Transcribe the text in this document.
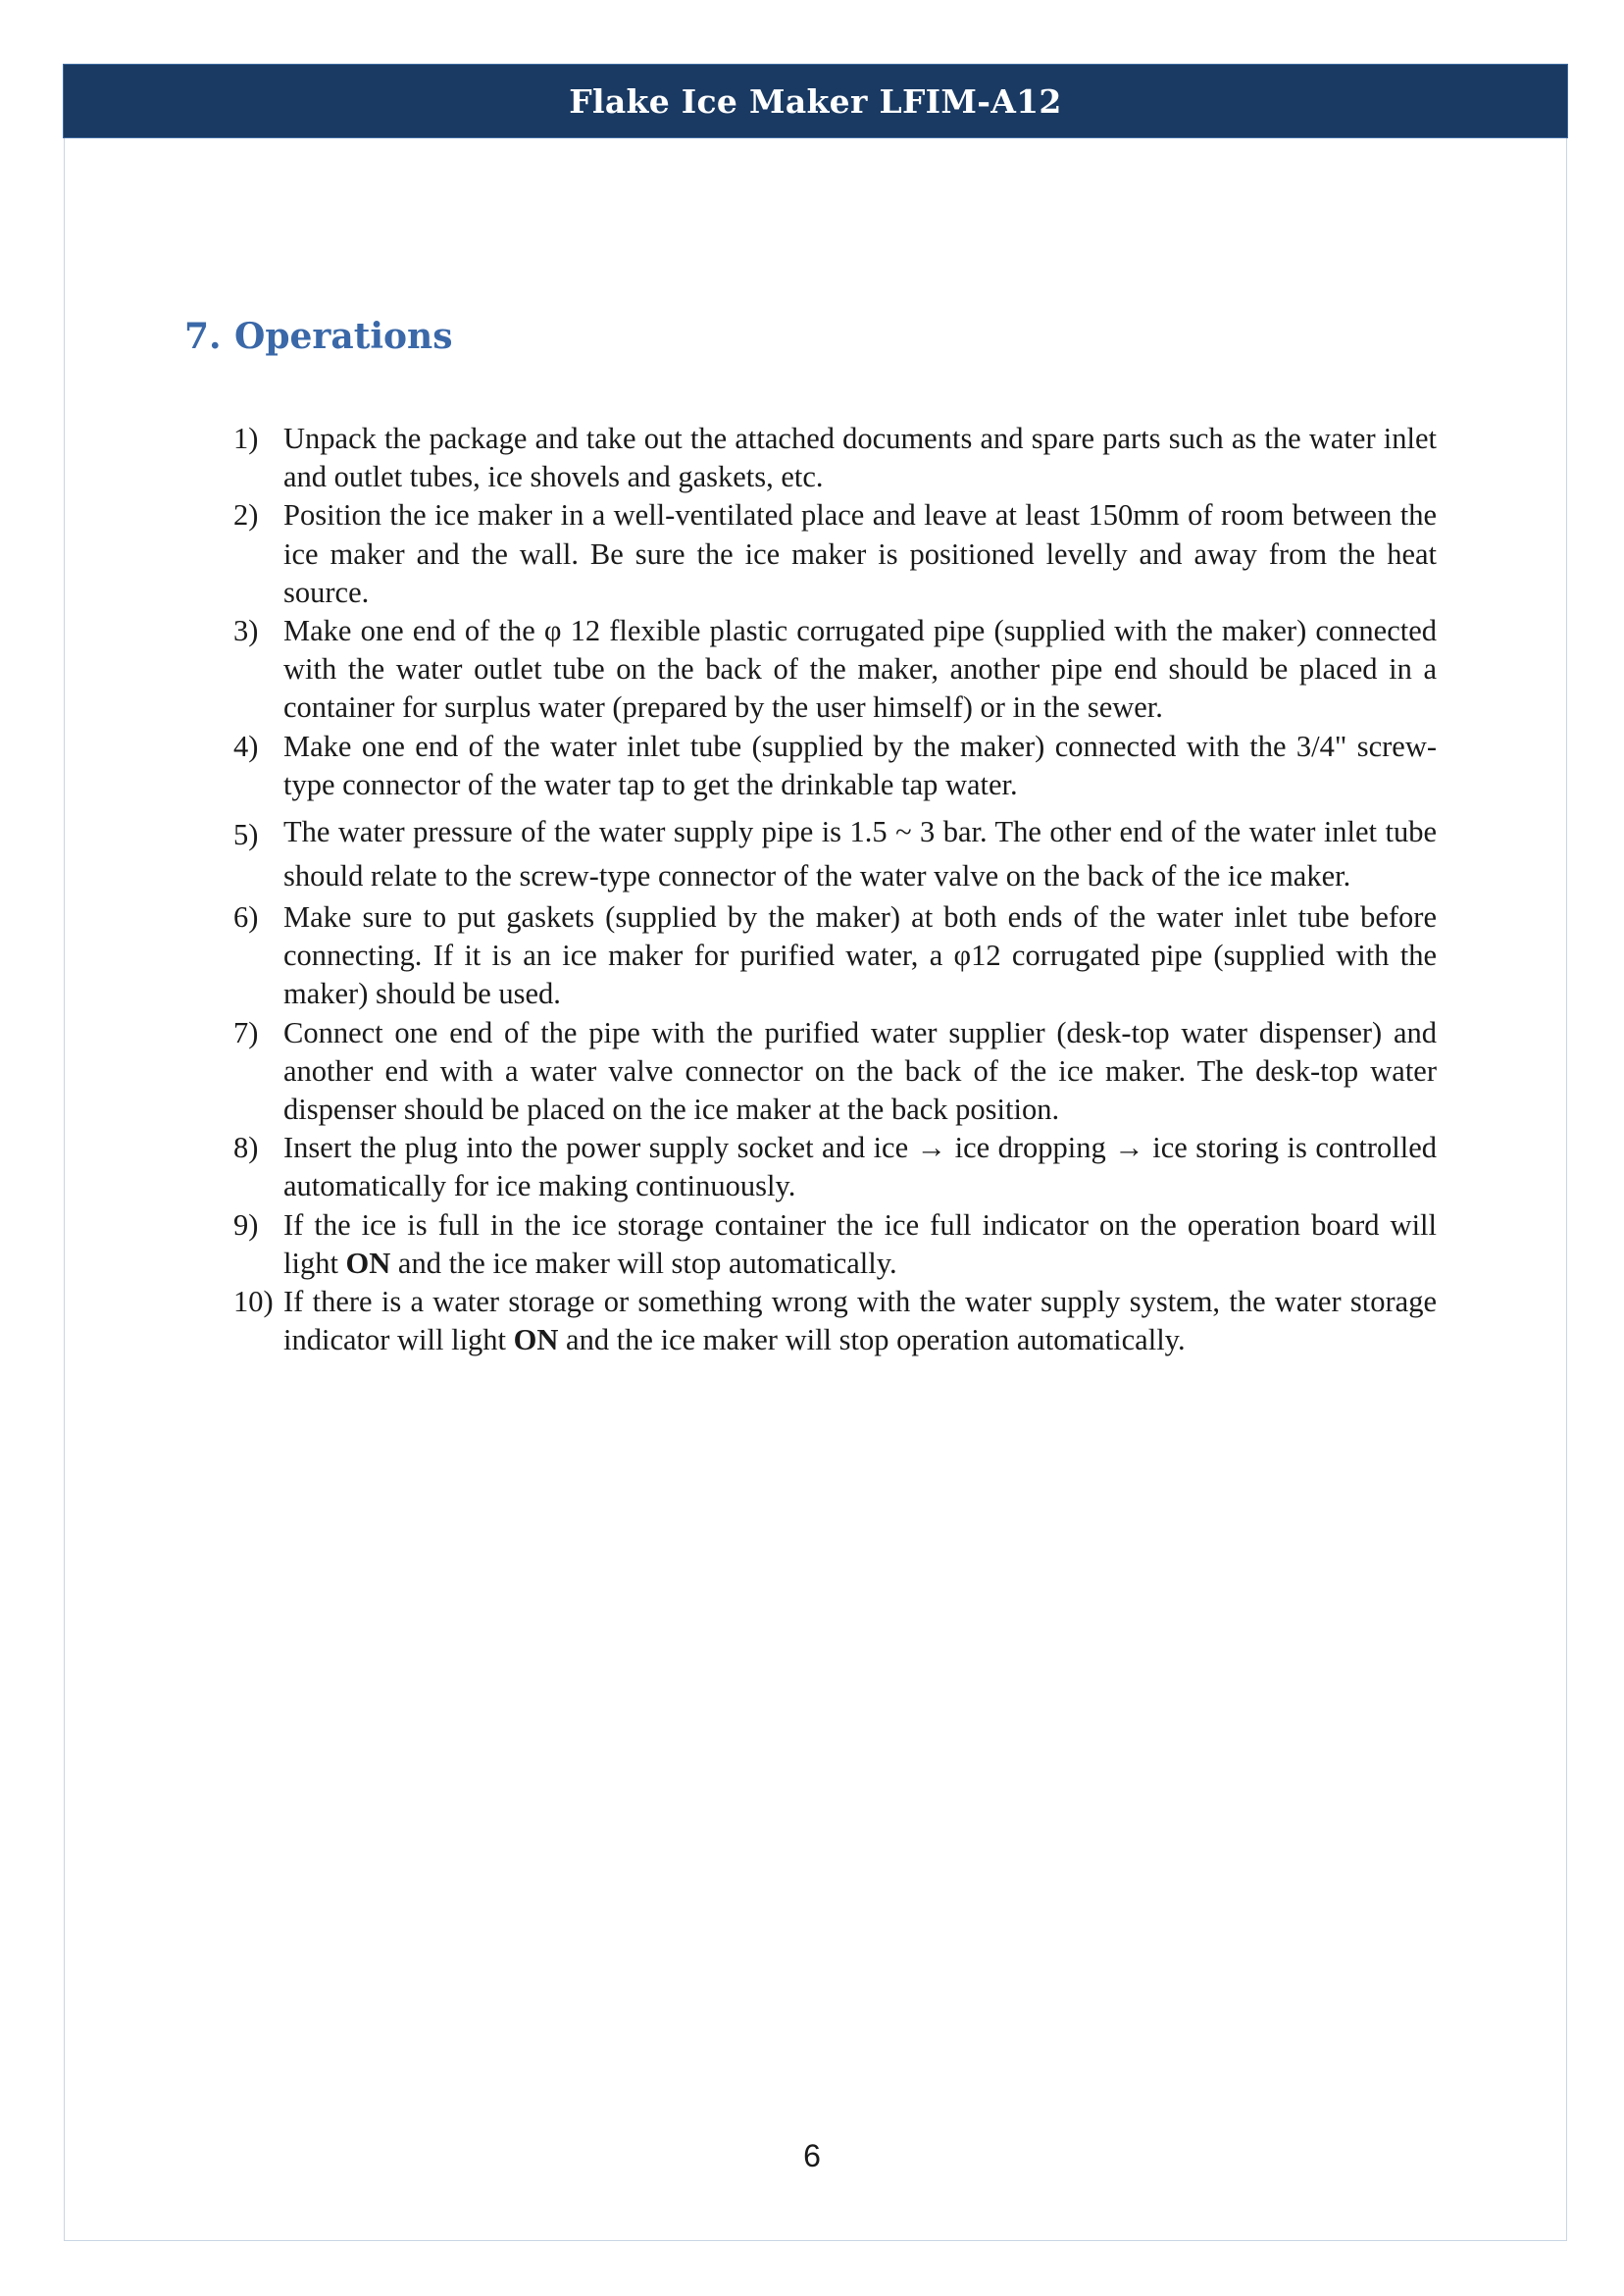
Flake Ice Maker LFIM-A12
7. Operations
1) Unpack the package and take out the attached documents and spare parts such as the water inlet and outlet tubes, ice shovels and gaskets, etc.
2) Position the ice maker in a well-ventilated place and leave at least 150mm of room between the ice maker and the wall. Be sure the ice maker is positioned levelly and away from the heat source.
3) Make one end of the φ 12 flexible plastic corrugated pipe (supplied with the maker) connected with the water outlet tube on the back of the maker, another pipe end should be placed in a container for surplus water (prepared by the user himself) or in the sewer.
4) Make one end of the water inlet tube (supplied by the maker) connected with the 3/4" screw-type connector of the water tap to get the drinkable tap water.
5) The water pressure of the water supply pipe is 1.5 ~ 3 bar. The other end of the water inlet tube should relate to the screw-type connector of the water valve on the back of the ice maker.
6) Make sure to put gaskets (supplied by the maker) at both ends of the water inlet tube before connecting. If it is an ice maker for purified water, a φ12 corrugated pipe (supplied with the maker) should be used.
7) Connect one end of the pipe with the purified water supplier (desk-top water dispenser) and another end with a water valve connector on the back of the ice maker. The desk-top water dispenser should be placed on the ice maker at the back position.
8) Insert the plug into the power supply socket and ice → ice dropping → ice storing is controlled automatically for ice making continuously.
9) If the ice is full in the ice storage container the ice full indicator on the operation board will light ON and the ice maker will stop automatically.
10) If there is a water storage or something wrong with the water supply system, the water storage indicator will light ON and the ice maker will stop operation automatically.
6
